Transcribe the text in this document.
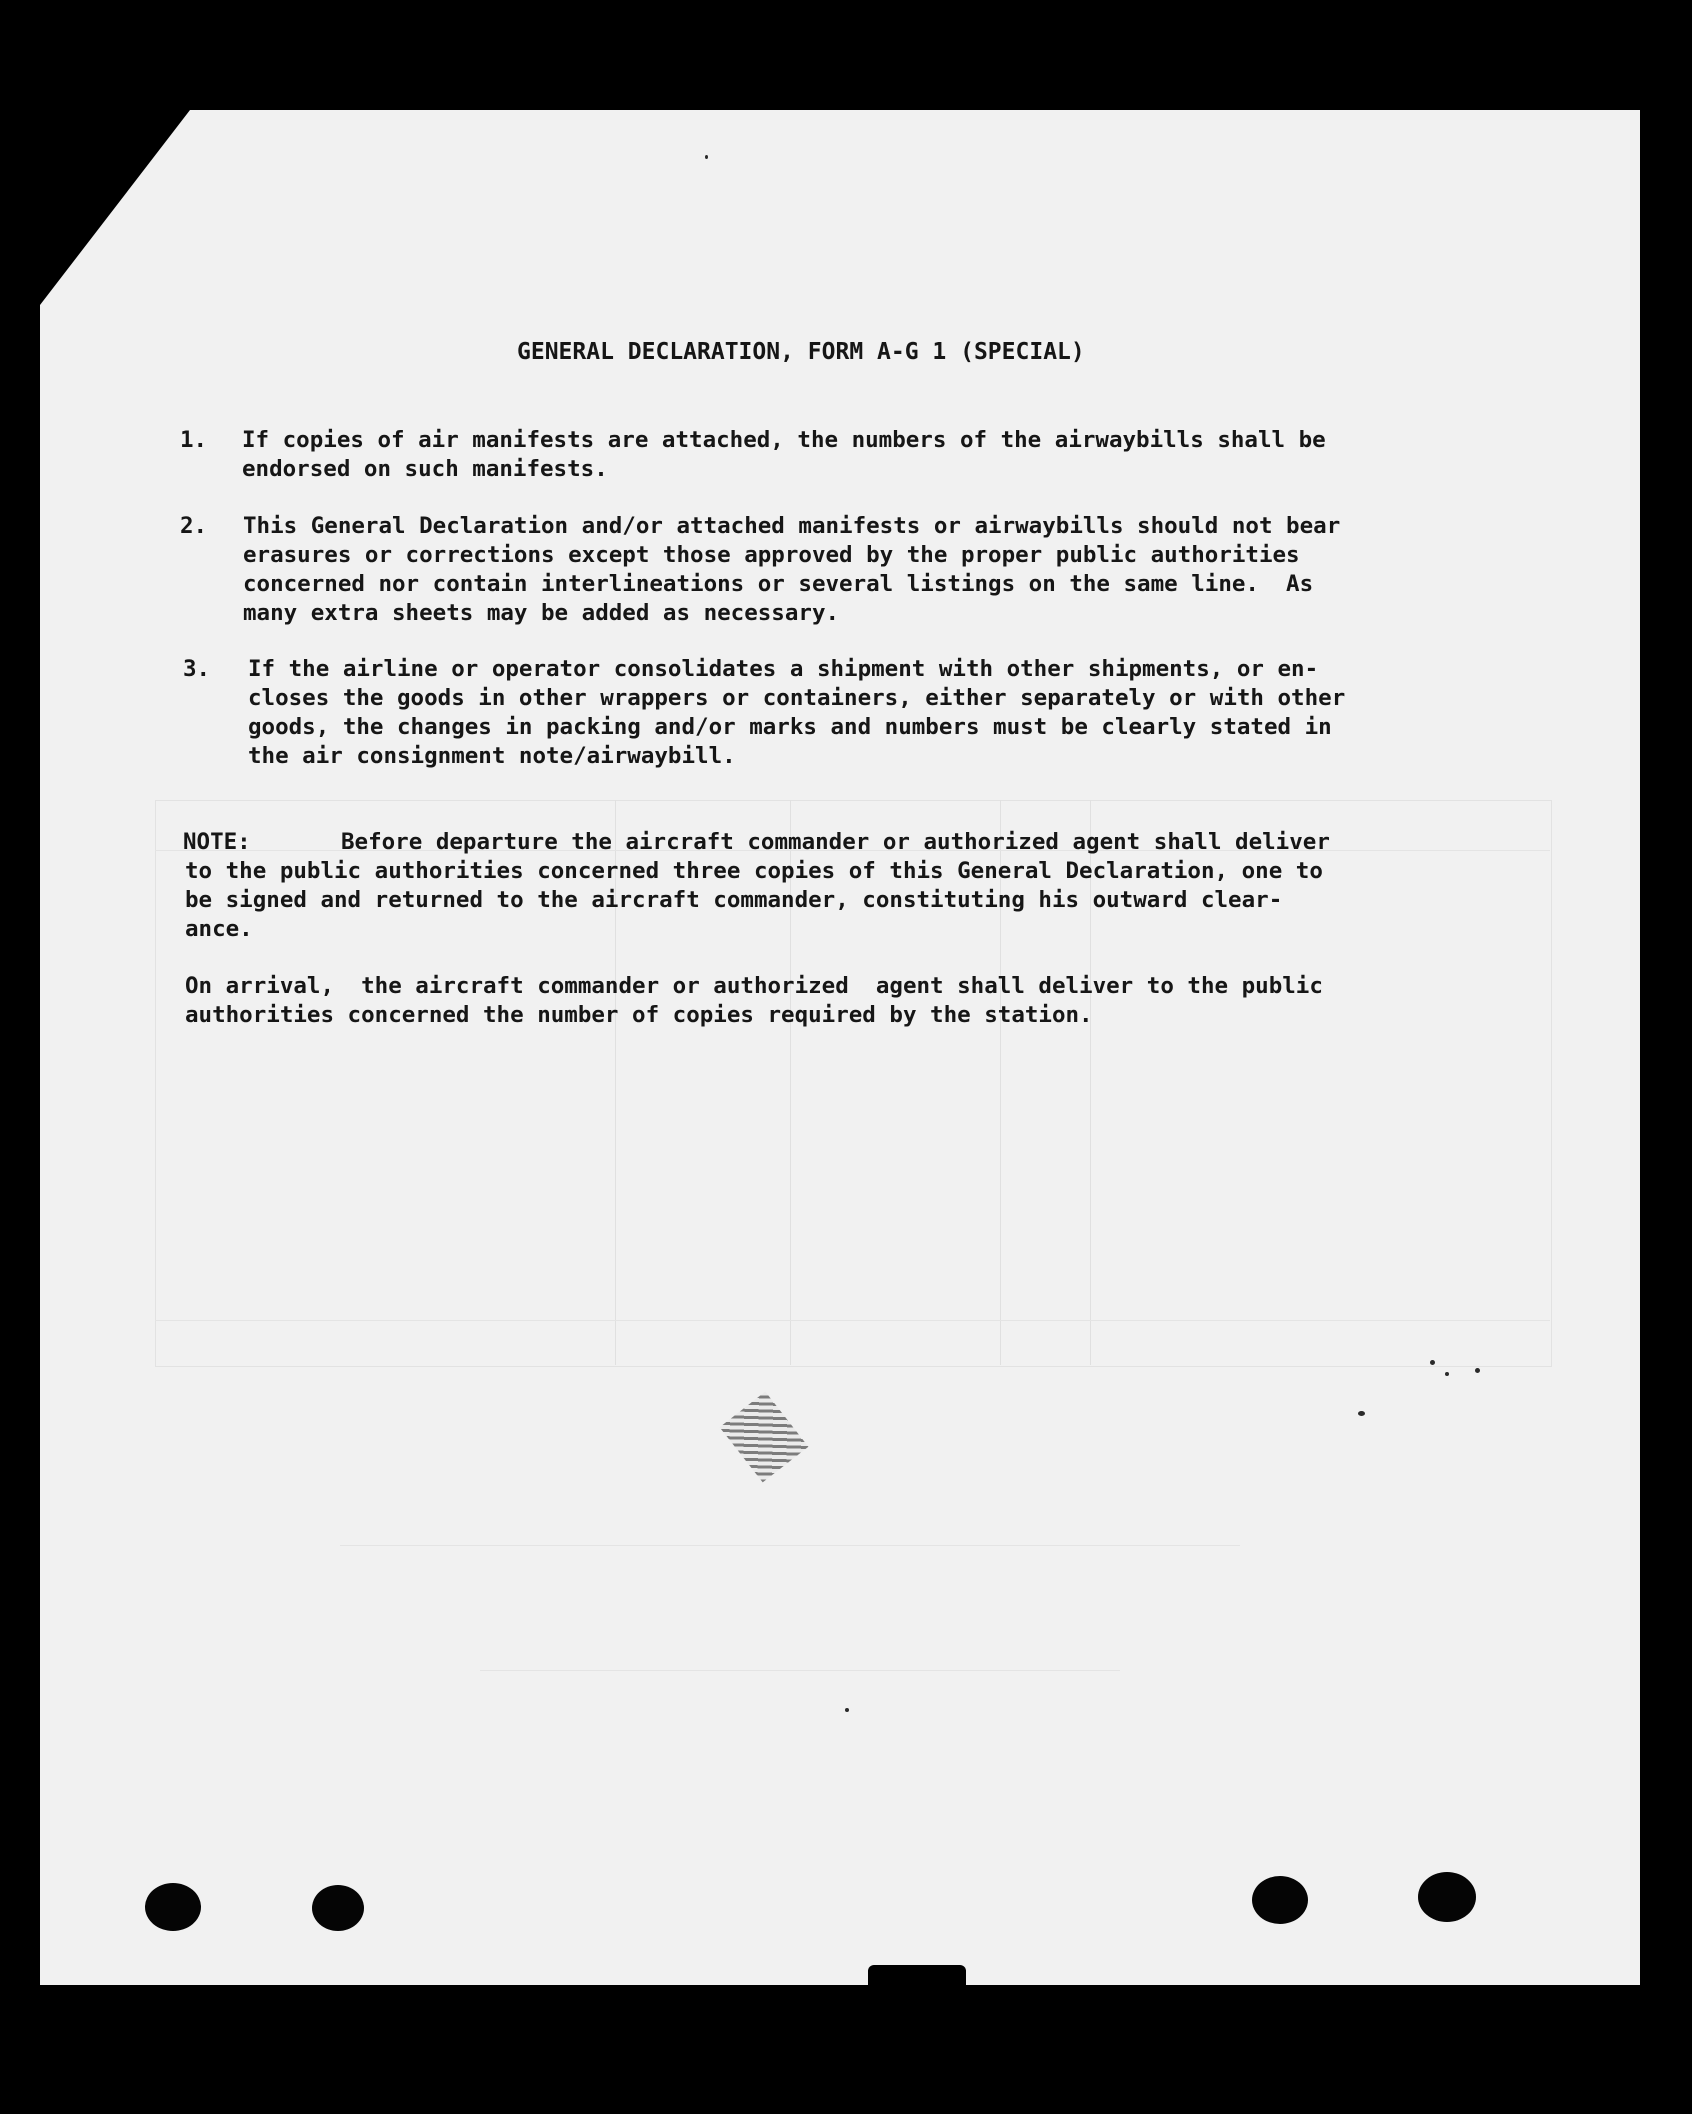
GENERAL DECLARATION, FORM A-G 1 (SPECIAL)
1. If copies of air manifests are attached, the numbers of the airwaybills shall be
endorsed on such manifests.
2. This General Declaration and/or attached manifests or airwaybills should not bear
erasures or corrections except those approved by the proper public authorities
concerned nor contain interlineations or several listings on the same line.  As
many extra sheets may be added as necessary.
3. If the airline or operator consolidates a shipment with other shipments, or en-
closes the goods in other wrappers or containers, either separately or with other
goods, the changes in packing and/or marks and numbers must be clearly stated in
the air consignment note/airwaybill.
NOTE:	Before departure the aircraft commander or authorized agent shall deliver
to the public authorities concerned three copies of this General Declaration, one to
be signed and returned to the aircraft commander, constituting his outward clear-
ance.
On arrival,  the aircraft commander or authorized  agent shall deliver to the public
authorities concerned the number of copies required by the station.
